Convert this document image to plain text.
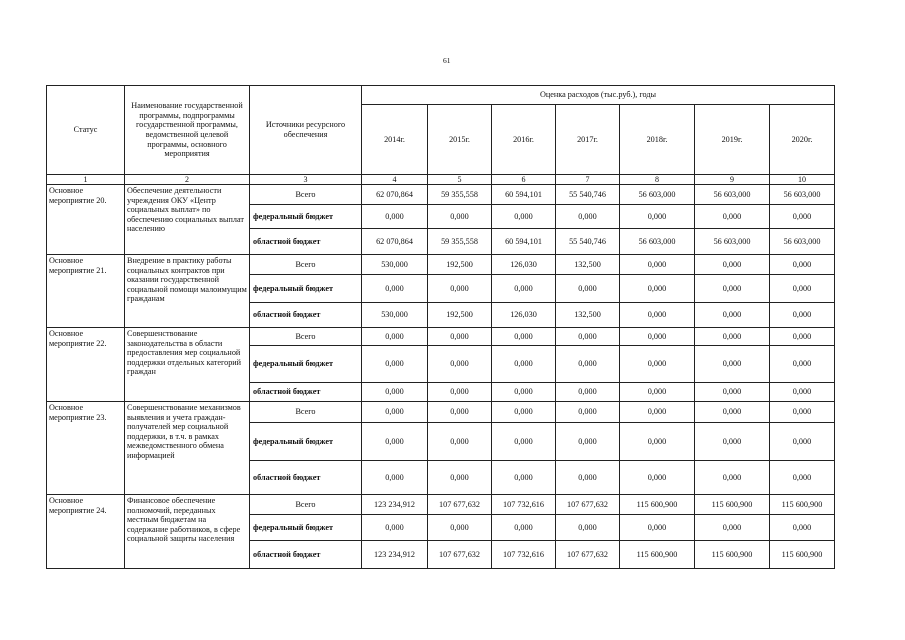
61
Статус	Наименование государственной программы, подпрограммы государственной программы, ведомственной целевой программы, основного мероприятия	Источники ресурсного обеспечения	Оценка расходов (тыс.руб.), годы						
			2014г.	2015г.	2016г.	2017г.	2018г.	2019г.	2020г.
1	2	3	4	5	6	7	8	9	10
Основное мероприятие 20.	Обеспечение деятельности учреждения ОКУ «Центр социальных выплат» по обеспечению социальных выплат населению	Всего	62 070,864	59 355,558	60 594,101	55 540,746	56 603,000	56 603,000	56 603,000
		федеральный бюджет	0,000	0,000	0,000	0,000	0,000	0,000	0,000
		областной бюджет	62 070,864	59 355,558	60 594,101	55 540,746	56 603,000	56 603,000	56 603,000
Основное мероприятие 21.	Внедрение в практику работы социальных контрактов при оказании государственной социальной помощи малоимущим гражданам	Всего	530,000	192,500	126,030	132,500	0,000	0,000	0,000
		федеральный бюджет	0,000	0,000	0,000	0,000	0,000	0,000	0,000
		областной бюджет	530,000	192,500	126,030	132,500	0,000	0,000	0,000
Основное мероприятие 22.	Совершенствование законодательства в области предоставления мер социальной поддержки отдельных категорий граждан	Всего	0,000	0,000	0,000	0,000	0,000	0,000	0,000
		федеральный бюджет	0,000	0,000	0,000	0,000	0,000	0,000	0,000
		областной бюджет	0,000	0,000	0,000	0,000	0,000	0,000	0,000
Основное мероприятие 23.	Совершенствование механизмов выявления и учета граждан-получателей мер социальной поддержки, в т.ч. в рамках межведомственного обмена информацией	Всего	0,000	0,000	0,000	0,000	0,000	0,000	0,000
		федеральный бюджет	0,000	0,000	0,000	0,000	0,000	0,000	0,000
		областной бюджет	0,000	0,000	0,000	0,000	0,000	0,000	0,000
Основное мероприятие 24.	Финансовое обеспечение полномочий, переданных местным бюджетам на содержание работников, в сфере социальной защиты населения	Всего	123 234,912	107 677,632	107 732,616	107 677,632	115 600,900	115 600,900	115 600,900
		федеральный бюджет	0,000	0,000	0,000	0,000	0,000	0,000	0,000
		областной бюджет	123 234,912	107 677,632	107 732,616	107 677,632	115 600,900	115 600,900	115 600,900
